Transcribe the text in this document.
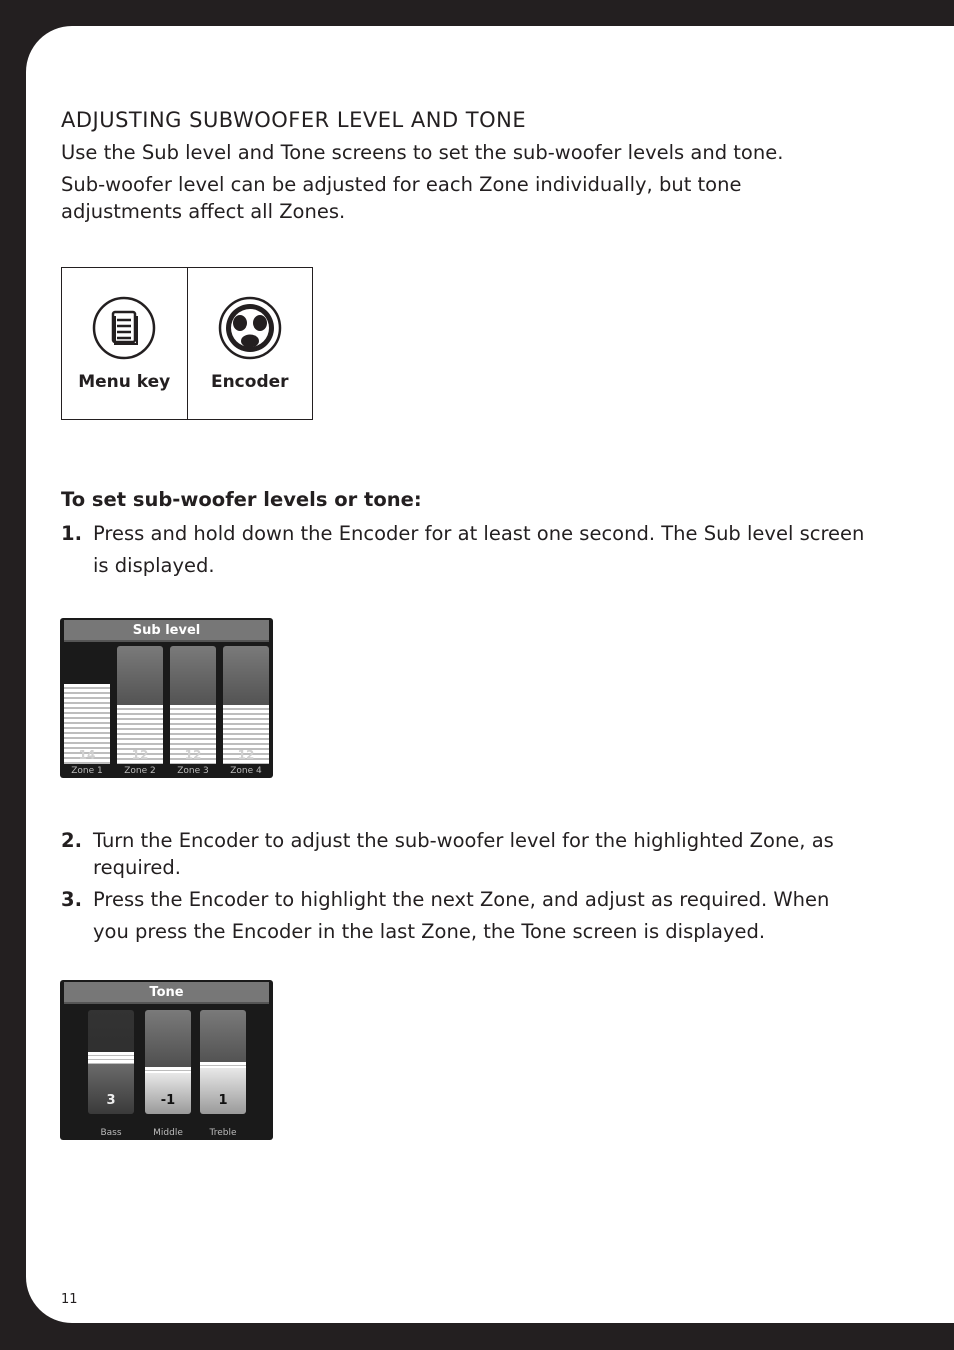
ADJUSTING SUBWOOFER LEVEL AND TONE

Use the Sub level and Tone screens to set the sub-woofer levels and tone.

Sub-woofer level can be adjusted for each Zone individually, but tone adjustments affect all Zones.

Menu key	Encoder
To set sub-woofer levels or tone:
1. Press and hold down the Encoder for at least one second. The Sub level screen is displayed.
Sub level
14
Zone 1
12
Zone 2
12
Zone 3
12
Zone 4
2. Turn the Encoder to adjust the sub-woofer level for the highlighted Zone, as required.
3. Press the Encoder to highlight the next Zone, and adjust as required. When you press the Encoder in the last Zone, the Tone screen is displayed.
Tone
3
Bass
-1
Middle
1
Treble
11
